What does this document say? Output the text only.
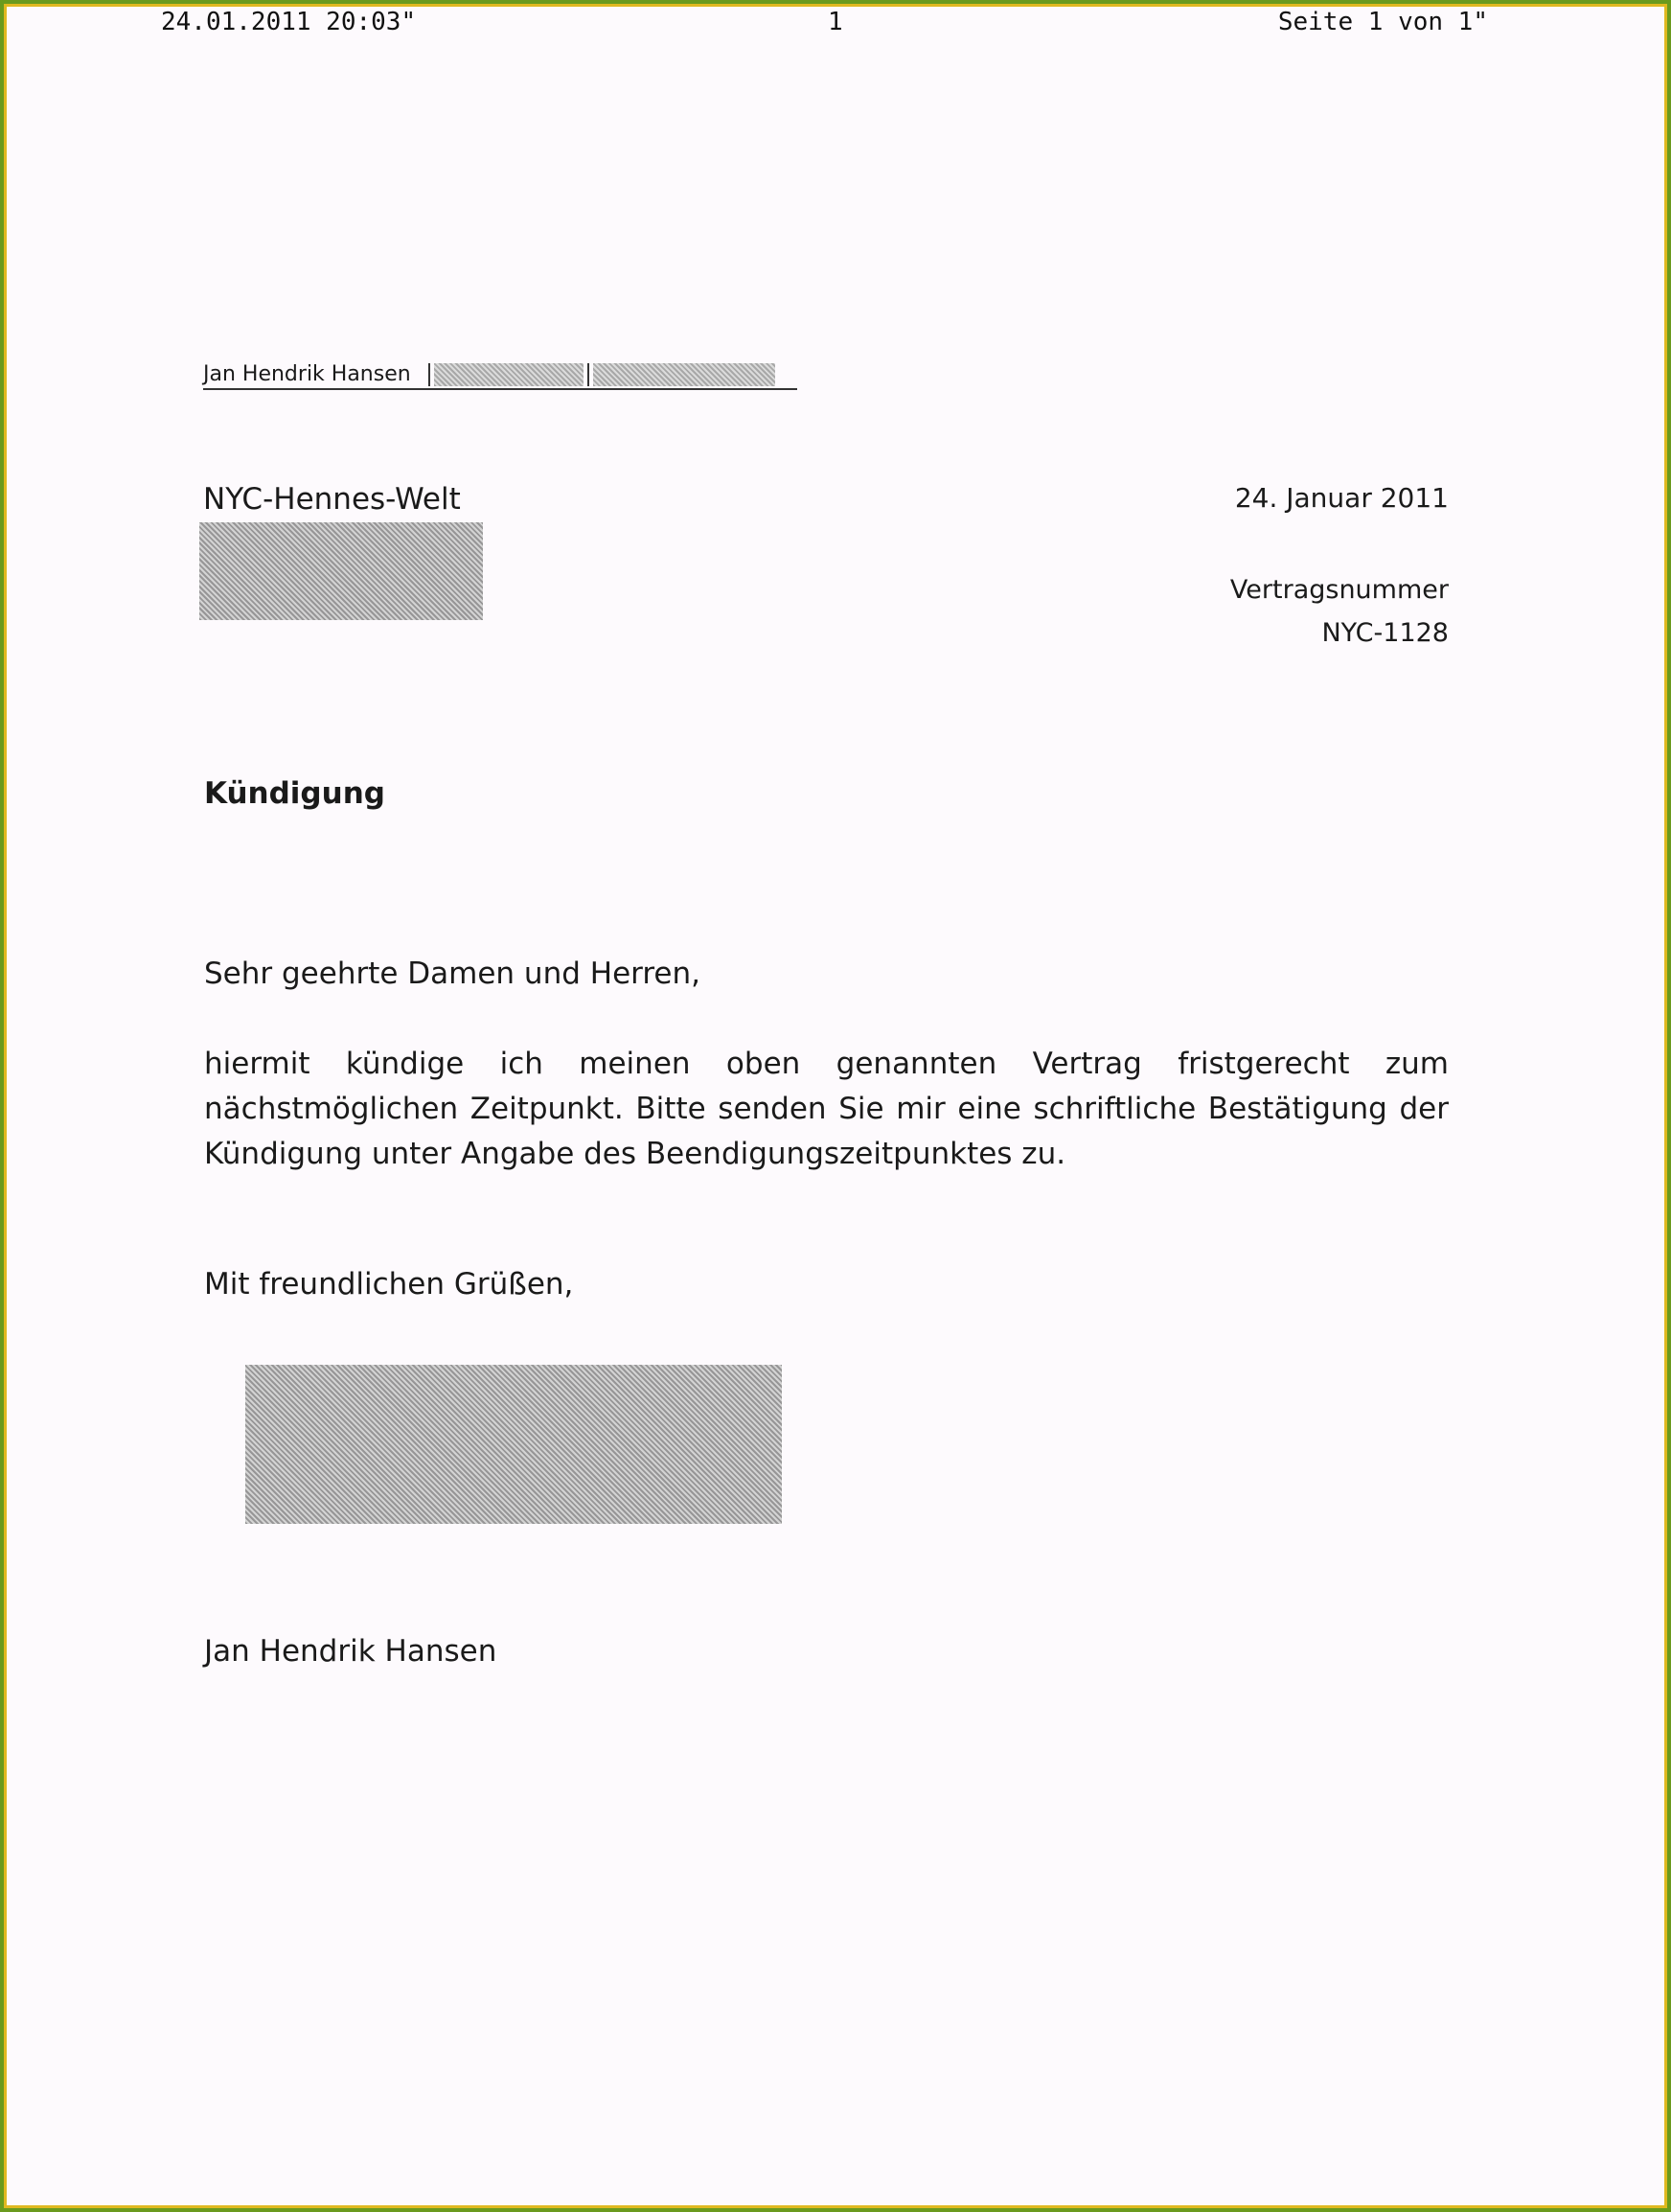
24.01.2011 20:03"	1	Seite 1 von 1"
Jan Hendrik Hansen
NYC-Hennes-Welt	24. Januar 2011
Vertragsnummer
NYC-1128
Kündigung
Sehr geehrte Damen und Herren,
hiermit kündige ich meinen oben genannten Vertrag fristgerecht zum nächstmöglichen Zeitpunkt. Bitte senden Sie mir eine schriftliche Bestätigung der Kündigung unter Angabe des Beendigungszeitpunktes zu.
Mit freundlichen Grüßen,
Jan Hendrik Hansen
